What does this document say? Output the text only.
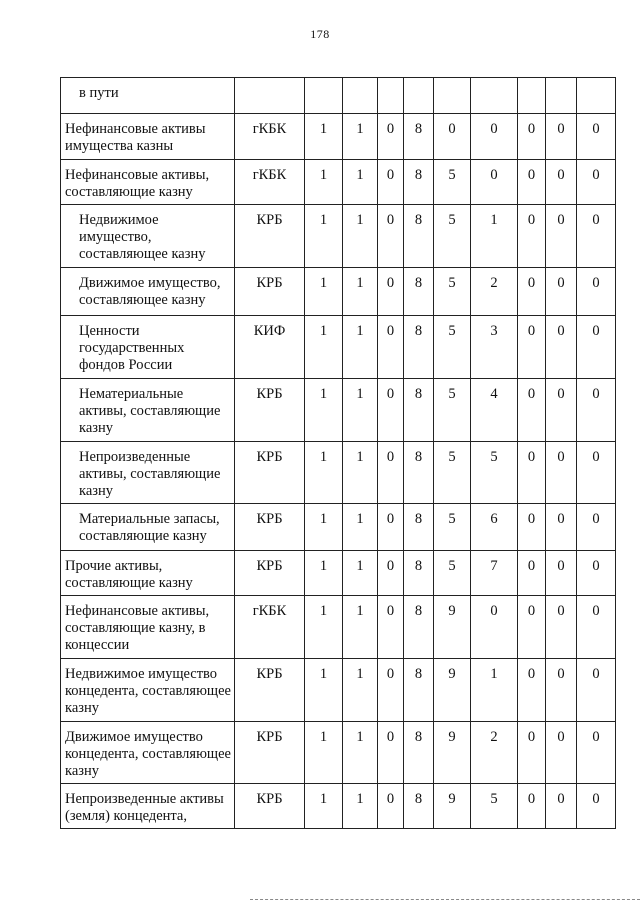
178
в пути										
Нефинансовые активы имущества казны	гКБК	1	1	0	8	0	0	0	0	0
Нефинансовые активы, составляющие казну	гКБК	1	1	0	8	5	0	0	0	0
Недвижимое имущество, составляющее казну	КРБ	1	1	0	8	5	1	0	0	0
Движимое имущество, составляющее казну	КРБ	1	1	0	8	5	2	0	0	0
Ценности государственных фондов России	КИФ	1	1	0	8	5	3	0	0	0
Нематериальные активы, составляющие казну	КРБ	1	1	0	8	5	4	0	0	0
Непроизведенные активы, составляющие казну	КРБ	1	1	0	8	5	5	0	0	0
Материальные запасы, составляющие казну	КРБ	1	1	0	8	5	6	0	0	0
Прочие активы, составляющие казну	КРБ	1	1	0	8	5	7	0	0	0
Нефинансовые активы, составляющие казну, в концессии	гКБК	1	1	0	8	9	0	0	0	0
Недвижимое имущество концедента, составляющее казну	КРБ	1	1	0	8	9	1	0	0	0
Движимое имущество концедента, составляющее казну	КРБ	1	1	0	8	9	2	0	0	0
Непроизведенные активы (земля) концедента,	КРБ	1	1	0	8	9	5	0	0	0
